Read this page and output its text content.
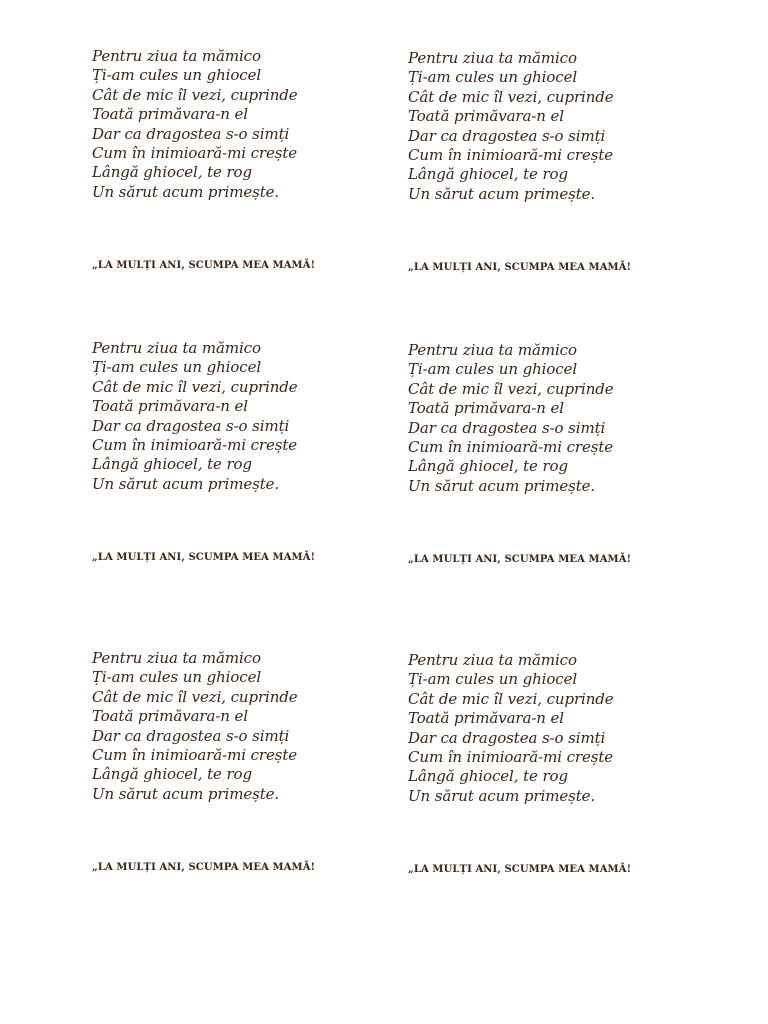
Pentru ziua ta mămico
Ți-am cules un ghiocel
Cât de mic îl vezi, cuprinde
Toată primăvara-n el
Dar ca dragostea s-o simți
Cum în inimioară-mi crește
Lângă ghiocel, te rog
Un sărut acum primește.
„LA MULȚI ANI, SCUMPA MEA MAMĂ!
Pentru ziua ta mămico
Ți-am cules un ghiocel
Cât de mic îl vezi, cuprinde
Toată primăvara-n el
Dar ca dragostea s-o simți
Cum în inimioară-mi crește
Lângă ghiocel, te rog
Un sărut acum primește.
„LA MULȚI ANI, SCUMPA MEA MAMĂ!
Pentru ziua ta mămico
Ți-am cules un ghiocel
Cât de mic îl vezi, cuprinde
Toată primăvara-n el
Dar ca dragostea s-o simți
Cum în inimioară-mi crește
Lângă ghiocel, te rog
Un sărut acum primește.
„LA MULȚI ANI, SCUMPA MEA MAMĂ!
Pentru ziua ta mămico
Ți-am cules un ghiocel
Cât de mic îl vezi, cuprinde
Toată primăvara-n el
Dar ca dragostea s-o simți
Cum în inimioară-mi crește
Lângă ghiocel, te rog
Un sărut acum primește.
„LA MULȚI ANI, SCUMPA MEA MAMĂ!
Pentru ziua ta mămico
Ți-am cules un ghiocel
Cât de mic îl vezi, cuprinde
Toată primăvara-n el
Dar ca dragostea s-o simți
Cum în inimioară-mi crește
Lângă ghiocel, te rog
Un sărut acum primește.
„LA MULȚI ANI, SCUMPA MEA MAMĂ!
Pentru ziua ta mămico
Ți-am cules un ghiocel
Cât de mic îl vezi, cuprinde
Toată primăvara-n el
Dar ca dragostea s-o simți
Cum în inimioară-mi crește
Lângă ghiocel, te rog
Un sărut acum primește.
„LA MULȚI ANI, SCUMPA MEA MAMĂ!
